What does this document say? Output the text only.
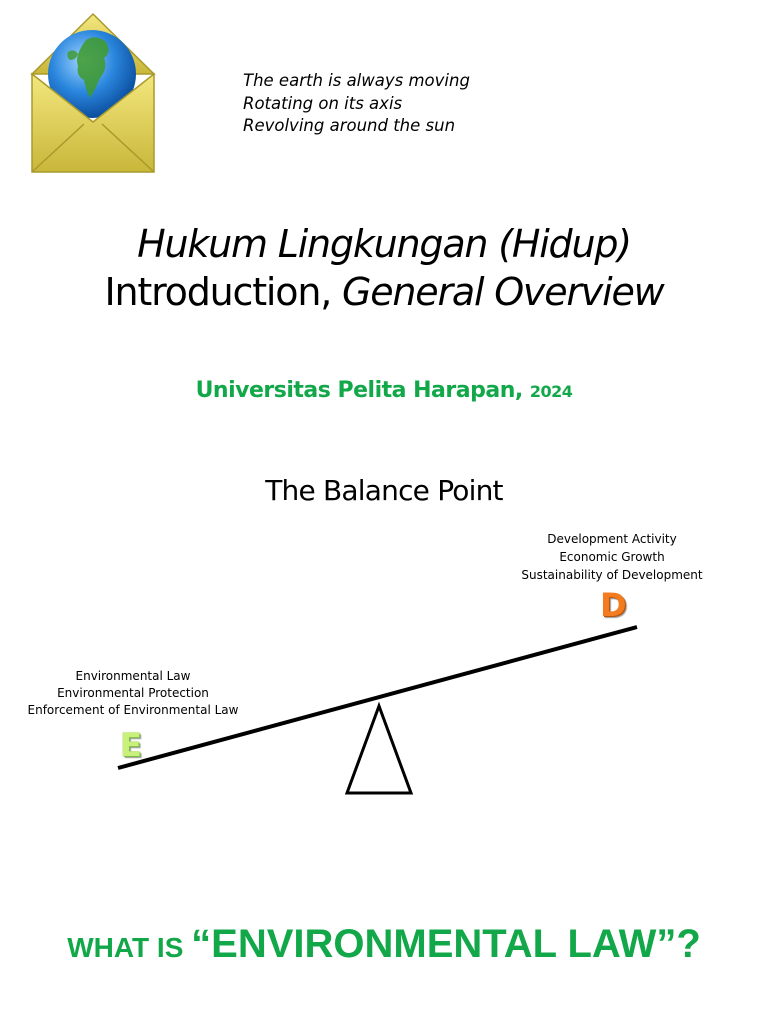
The earth is always moving
Rotating on its axis
Revolving around the sun
Hukum Lingkungan (Hidup)
Introduction, General Overview
Universitas Pelita Harapan, 2024
The Balance Point
Development Activity
Economic Growth
Sustainability of Development
Environmental Law
Environmental Protection
Enforcement of Environmental Law
D
E
WHAT IS “ENVIRONMENTAL LAW”?
